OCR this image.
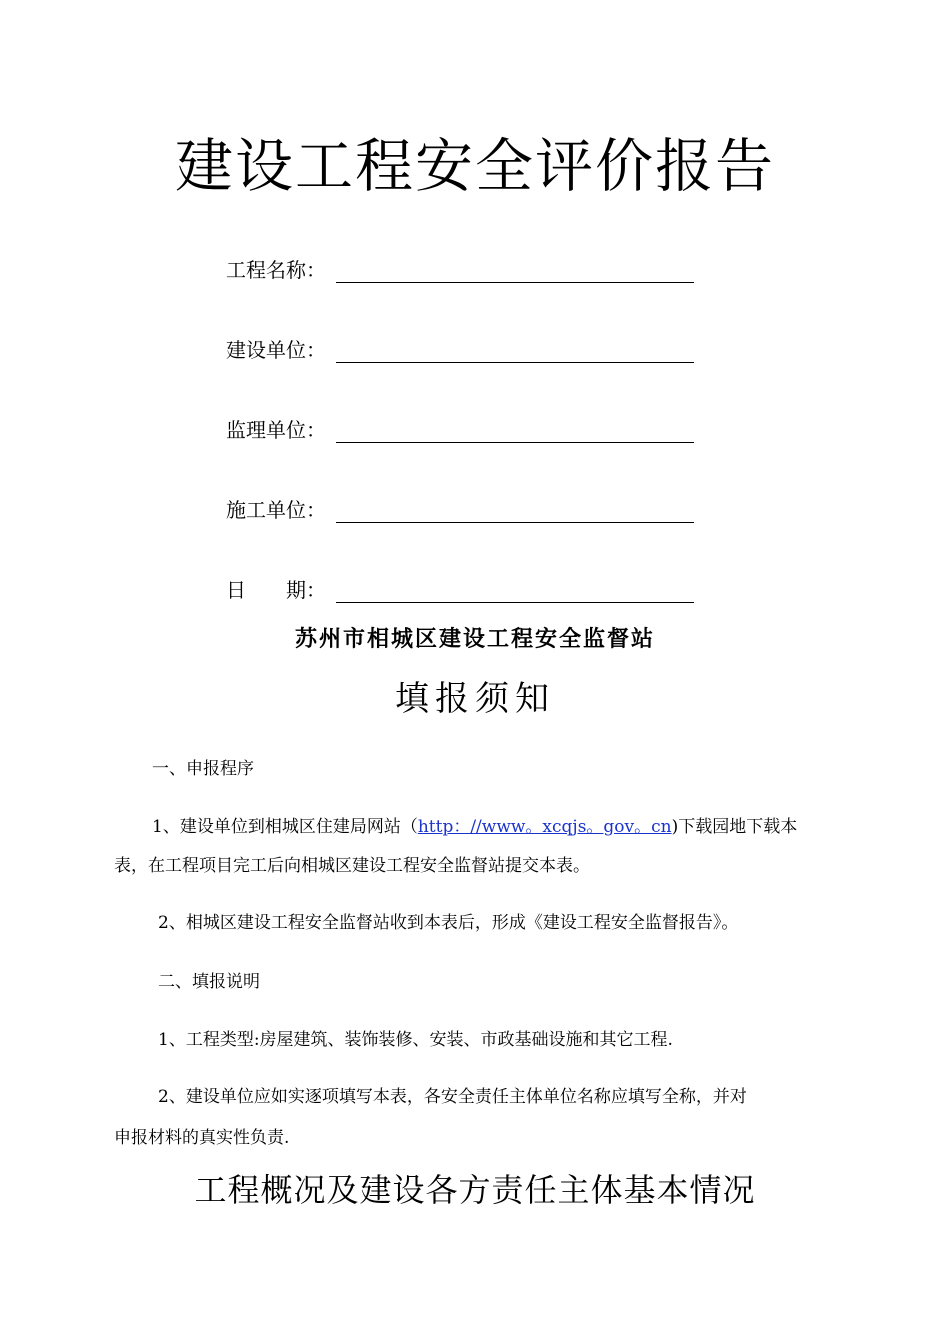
建设工程安全评价报告
工程名称：
建设单位：
监理单位：
施工单位：
日　　期：
苏州市相城区建设工程安全监督站
填报须知
一、申报程序
1、建设单位到相城区住建局网站（http：//www。xcqjs。gov。cn)下载园地下载本
表，在工程项目完工后向相城区建设工程安全监督站提交本表。
2、相城区建设工程安全监督站收到本表后，形成《建设工程安全监督报告》。
二、填报说明
1、工程类型:房屋建筑、装饰装修、安装、市政基础设施和其它工程.
2、建设单位应如实逐项填写本表，各安全责任主体单位名称应填写全称，并对
申报材料的真实性负责.
工程概况及建设各方责任主体基本情况
